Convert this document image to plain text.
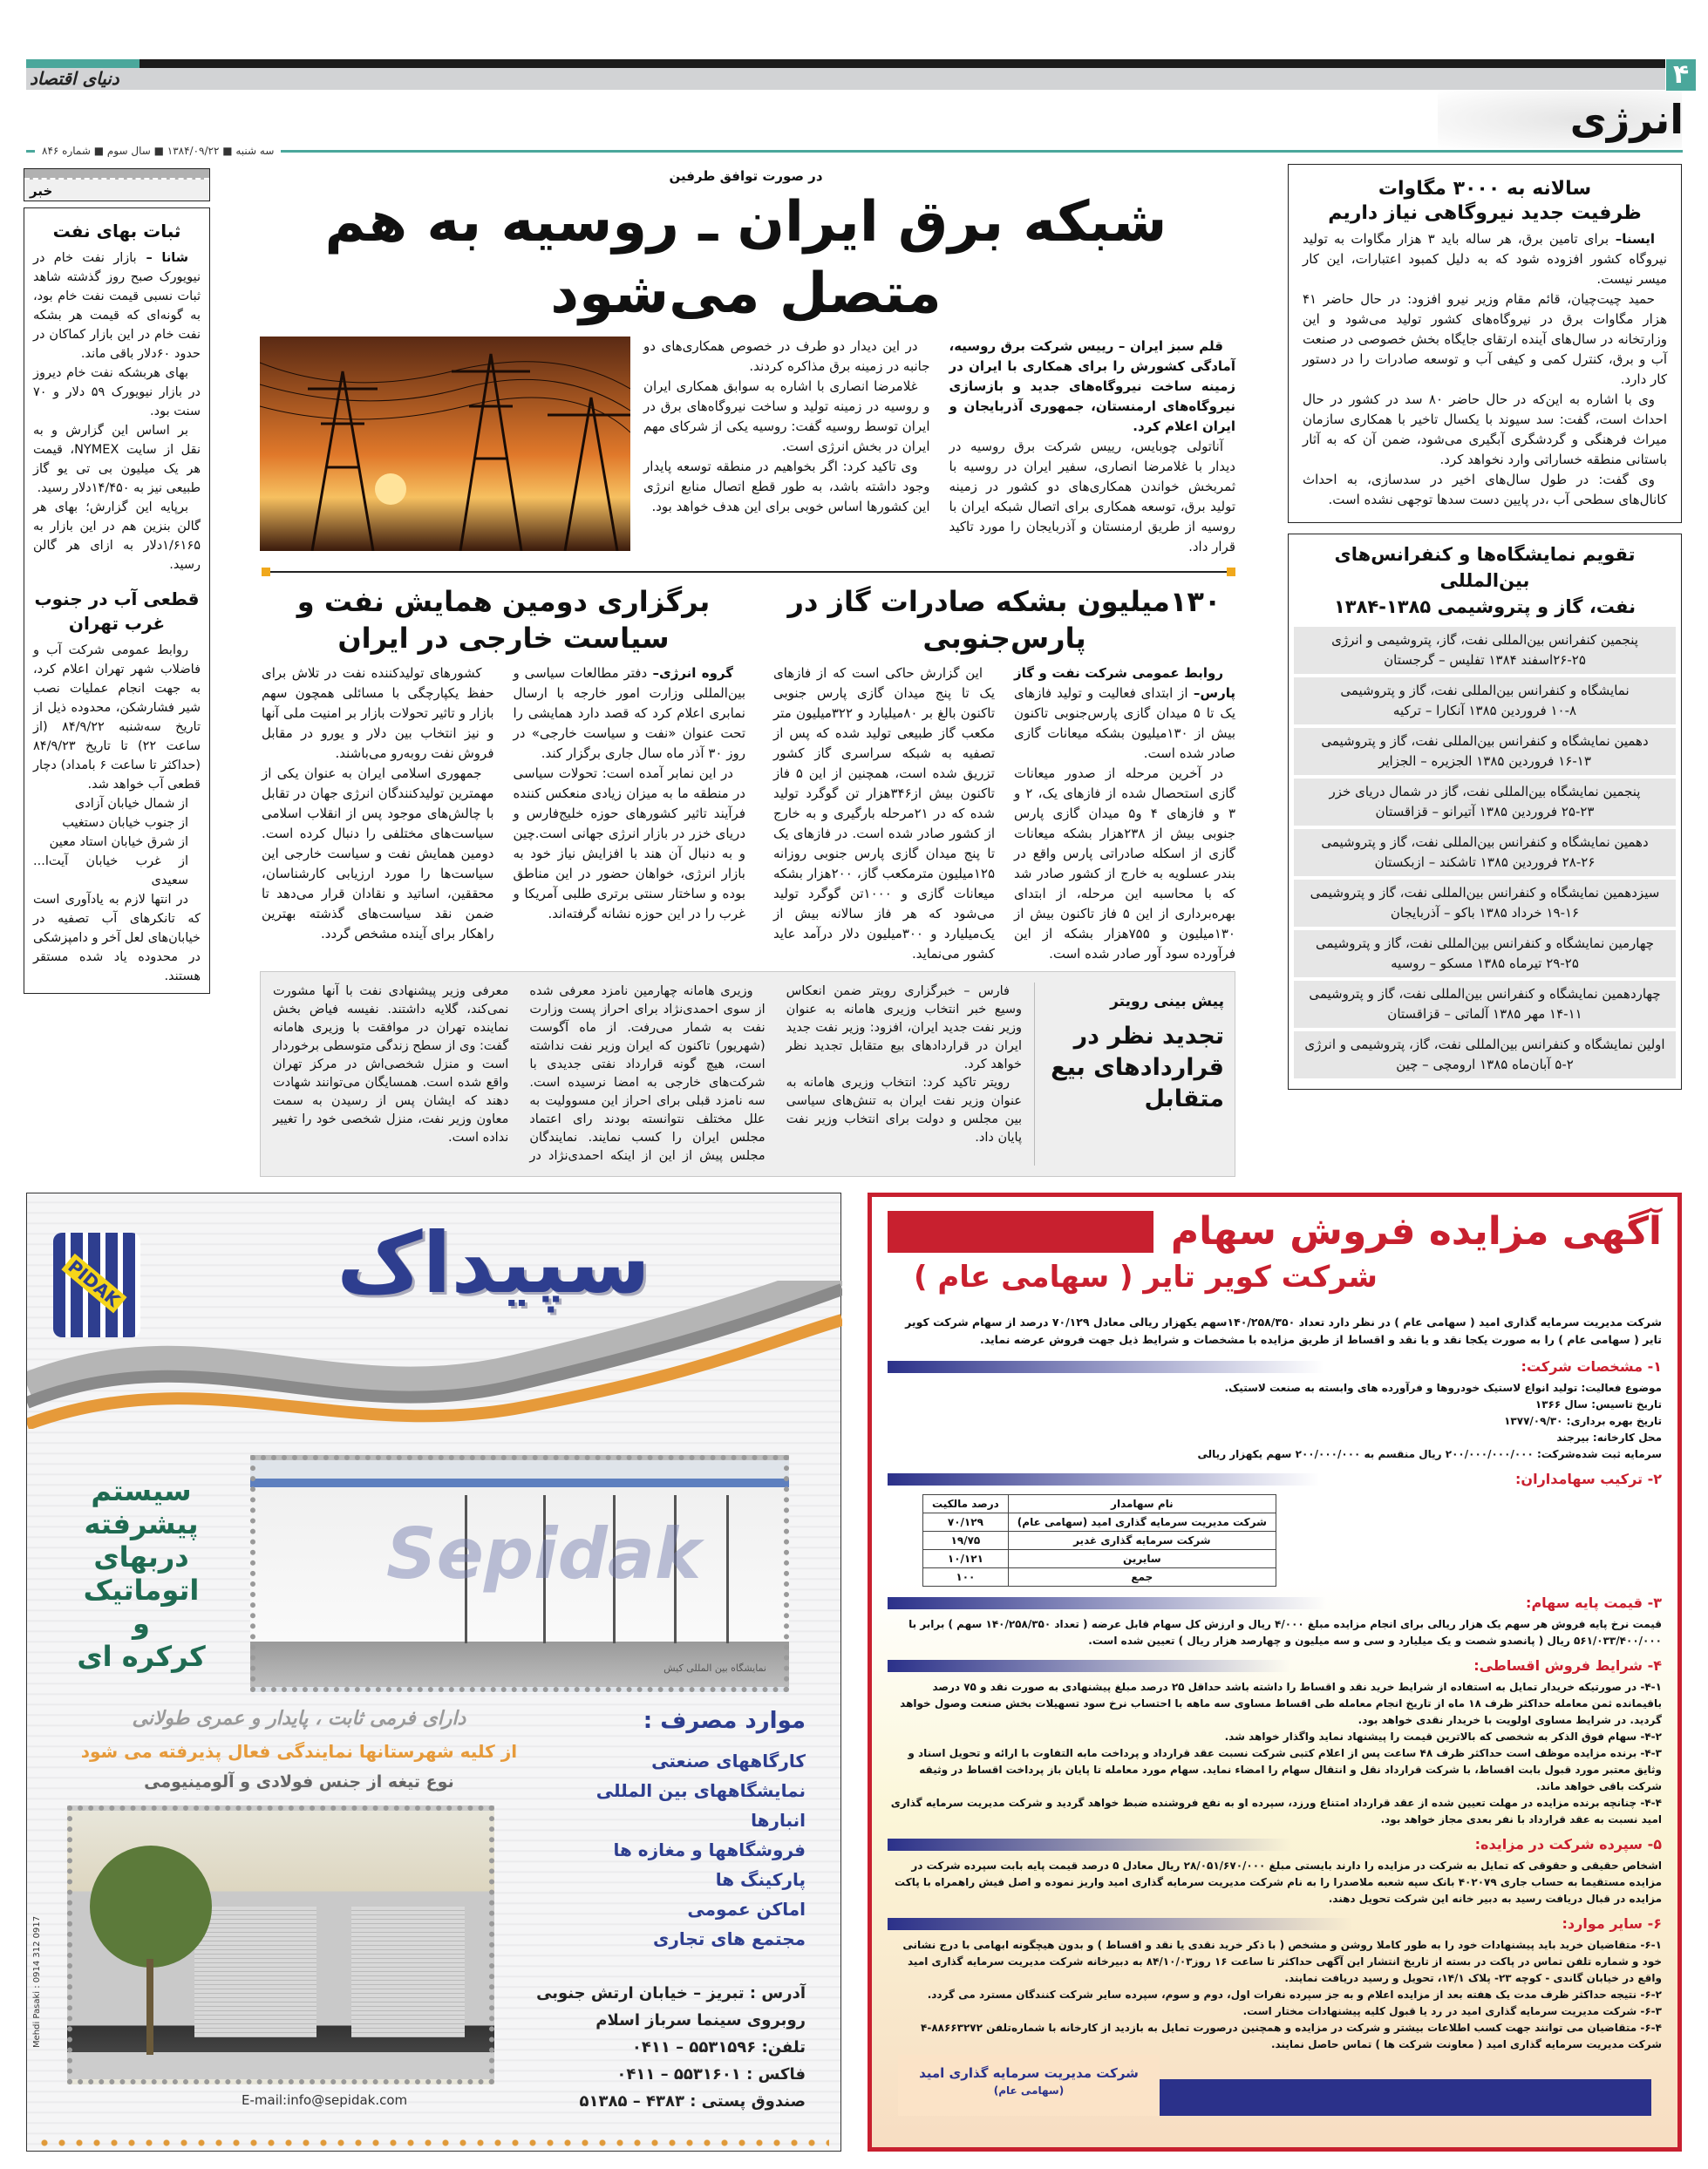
دنیای اقتصاد	۴
انرژی
سه شنبه ■ ۱۳۸۴/۰۹/۲۲ ■ سال سوم ■ شماره ۸۴۶
خبر
ثبات بهای نفت

شانا – بازار نفت خام در نیویورک صبح روز گذشته شاهد ثبات نسبی قیمت نفت خام بود، به گونه‌ای که قیمت هر بشکه نفت خام در این بازار کماکان در حدود ۶۰دلار باقی ماند.

بهای هربشکه نفت خام دیروز در بازار نیویورک ۵۹ دلار و ۷۰ سنت بود.

بر اساس این گزارش و به نقل از سایت NYMEX، قیمت هر یک میلیون بی تی یو گاز طبیعی نیز به ۱۴/۴۵۰دلار رسید.

برپایه این گزارش؛ بهای هر گالن بنزین هم در این بازار به ۱/۶۱۶۵دلار به ازای هر گالن رسید.

قطعی آب در جنوب غرب تهران

روابط عمومی شرکت آب و فاضلاب شهر تهران اعلام کرد، به جهت انجام عملیات نصب شیر فشارشکن، محدوده ذیل از تاریخ سه‌شنبه ۸۴/۹/۲۲ (از ساعت ۲۲) تا تاریخ ۸۴/۹/۲۳ (حداکثر تا ساعت ۶ بامداد) دچار قطعی آب خواهد شد.

از شمال خیابان آزادی

از جنوب خیابان دستغیب

از شرق خیابان استاد معین

از غرب خیابان آیت‌ا... سعیدی

در انتها لازم به یادآوری است که تانکرهای آب تصفیه در خیابان‌های لعل آخر و دامپزشکی در محدوده یاد شده مستقر هستند.

در صورت توافق طرفین
شبکه برق ایران ـ روسیه به هم متصل می‌شود

قلم سبز ایران – رییس شرکت برق روسیه، آمادگی کشورش را برای همکاری با ایران در زمینه ساخت نیروگاه‌های جدید و بازسازی نیروگاه‌های ارمنستان، جمهوری آذربایجان و ایران اعلام کرد.

آناتولی چوبایس، رییس شرکت برق روسیه در دیدار با غلامرضا انصاری، سفیر ایران در روسیه با ثمربخش خواندن همکاری‌های دو کشور در زمینه تولید برق، توسعه همکاری برای اتصال شبکه ایران با روسیه از طریق ارمنستان و آذربایجان را مورد تاکید قرار داد.

در این دیدار دو طرف در خصوص همکاری‌های دو جانبه در زمینه برق مذاکره کردند.

غلامرضا انصاری با اشاره به سوابق همکاری ایران و روسیه در زمینه تولید و ساخت نیروگاه‌های برق در ایران توسط روسیه گفت: روسیه یکی از شرکای مهم ایران در بخش انرژی است.

وی تاکید کرد: اگر بخواهیم در منطقه توسعه پایدار وجود داشته باشد، به طور قطع اتصال منابع انرژی این کشورها اساس خوبی برای این هدف خواهد بود.

برگزاری دومین همایش نفت و سیاست خارجی در ایران

گروه انرژی– دفتر مطالعات سیاسی و بین‌المللی وزارت امور خارجه با ارسال نمابری اعلام کرد که قصد دارد همایشی را تحت عنوان «نفت و سیاست خارجی» در روز ۳۰ آذر ماه سال جاری برگزار کند.

در این نمابر آمده است: تحولات سیاسی در منطقه ما به میزان زیادی منعکس کننده فرآیند تاثیر کشورهای حوزه خلیج‌فارس و دریای خزر در بازار انرژی جهانی است.چین و به دنبال آن هند با افزایش نیاز خود به بازار انرژی، خواهان حضور در این مناطق بوده و ساختار سنتی برتری طلبی آمریکا و غرب را در این حوزه نشانه گرفته‌اند.

کشورهای تولیدکننده نفت در تلاش برای حفظ یکپارچگی با مسائلی همچون سهم بازار و تاثیر تحولات بازار بر امنیت ملی آنها و نیز انتخاب بین دلار و یورو در مقابل فروش نفت روبه‌رو می‌باشند.

جمهوری اسلامی ایران به عنوان یکی از مهمترین تولیدکنندگان انرژی جهان در تقابل با چالش‌های موجود پس از انقلاب اسلامی سیاست‌های مختلفی را دنبال کرده است. دومین همایش نفت و سیاست خارجی این سیاست‌ها را مورد ارزیابی کارشناسان، محققین، اساتید و نقادان قرار می‌دهد تا ضمن نقد سیاست‌های گذشته بهترین راهکار برای آینده مشخص گردد.

۱۳۰میلیون بشکه صادرات گاز در پارس‌جنوبی

روابط عمومی شرکت نفت و گاز پارس– از ابتدای فعالیت و تولید فازهای یک تا ۵ میدان گازی پارس‌جنوبی تاکنون بیش از ۱۳۰میلیون بشکه میعانات گازی صادر شده است.

در آخرین مرحله از صدور میعانات گازی استحصال شده از فازهای یک، ۲ و ۳ و فازهای ۴ و۵ میدان گازی پارس جنوبی بیش از ۲۳۸هزار بشکه میعانات گازی از اسکله صادراتی پارس واقع در بندر عسلویه به خارج از کشور صادر شد که با محاسبه این مرحله، از ابتدای بهره‌برداری از این ۵ فاز تاکنون بیش از ۱۳۰میلیون و ۷۵۵هزار بشکه از این فرآورده سود آور صادر شده است.

این گزارش حاکی است که از فازهای یک تا پنج میدان گازی پارس جنوبی تاکنون بالغ بر ۸۰میلیارد و ۳۲۲میلیون متر مکعب گاز طبیعی تولید شده که پس از تصفیه به شبکه سراسری گاز کشور تزریق شده است، همچنین از این ۵ فاز تاکنون بیش از۳۴۶هزار تن گوگرد تولید شده که در ۲۱مرحله بارگیری و به خارج از کشور صادر شده است. در فازهای یک تا پنج میدان گازی پارس جنوبی روزانه ۱۲۵میلیون مترمکعب گاز، ۲۰۰هزار بشکه میعانات گازی و ۱۰۰۰تن گوگرد تولید می‌شود که هر فاز سالانه بیش از یک‌میلیارد و ۳۰۰میلیون دلار درآمد عاید کشور می‌نماید.

پیش بینی رویتر
تجدید نظر در قراردادهای بیع متقابل

فارس – خبرگزاری رویتر ضمن انعکاس وسیع خبر انتخاب وزیری هامانه به عنوان وزیر نفت جدید ایران، افزود: وزیر نفت جدید ایران در قراردادهای بیع متقابل تجدید نظر خواهد کرد.

رویتر تاکید کرد: انتخاب وزیری هامانه به عنوان وزیر نفت ایران به تنش‌های سیاسی بین مجلس و دولت برای انتخاب وزیر نفت پایان داد.

وزیری هامانه چهارمین نامزد معرفی شده از سوی احمدی‌نژاد برای احراز پست وزارت نفت به شمار می‌رفت. از ماه آگوست (شهریور) تاکنون که ایران وزیر نفت نداشته است، هیچ گونه قرارداد نفتی جدیدی با شرکت‌های خارجی به امضا نرسیده است. سه نامزد قبلی برای احراز این مسوولیت به علل مختلف نتوانسته بودند رای اعتماد مجلس ایران را کسب نمایند. نمایندگان مجلس پیش از این از اینکه احمدی‌نژاد در معرفی وزیر پیشنهادی نفت با آنها مشورت نمی‌کند، گلایه داشتند. نفیسه فیاض بخش نماینده تهران در موافقت با وزیری هامانه گفت: وی از سطح زندگی متوسطی برخوردار است و منزل شخصی‌اش در مرکز تهران واقع شده است. همسایگان می‌توانند شهادت دهند که ایشان پس از رسیدن به سمت معاون وزیر نفت، منزل شخصی خود را تغییر نداده است.

سالانه به ۳۰۰۰ مگاوات
ظرفیت جدید نیروگاهی نیاز داریم

ایسنا– برای تامین برق، هر ساله باید ۳ هزار مگاوات به تولید نیروگاه کشور افزوده شود که به دلیل کمبود اعتبارات، این کار میسر نیست.

حمید چیت‌چیان، قائم مقام وزیر نیرو افزود: در حال حاضر ۴۱ هزار مگاوات برق در نیروگاه‌های کشور تولید می‌شود و این وزارتخانه در سال‌های آینده ارتقای جایگاه بخش خصوصی در صنعت آب و برق، کنترل کمی و کیفی آب و توسعه صادرات را در دستور کار دارد.

وی با اشاره به این‌که در حال حاضر ۸۰ سد در کشور در حال احداث است، گفت: سد سیوند با یکسال تاخیر با همکاری سازمان میراث فرهنگی و گردشگری آبگیری می‌شود، ضمن آن که به آثار باستانی منطقه خساراتی وارد نخواهد کرد.

وی گفت: در طول سال‌های اخیر در سدسازی، به احداث کانال‌های سطحی آب ،در پایین دست سدها توجهی نشده است.

تقویم نمایشگاه‌ها و کنفرانس‌های بین‌المللی
نفت، گاز و پتروشیمی ۱۳۸۵-۱۳۸۴
پنجمین کنفرانس بین‌المللی نفت، گاز، پتروشیمی و انرژی
۲۶-۲۵اسفند ۱۳۸۴ تفلیس – گرجستان
نمایشگاه و کنفرانس بین‌المللی نفت، گاز و پتروشیمی
۱۰-۸ فروردین ۱۳۸۵ آنکارا – ترکیه
دهمین نمایشگاه و کنفرانس بین‌المللی نفت، گاز و پتروشیمی
۱۶-۱۳ فروردین ۱۳۸۵ الجزیره – الجزایر
پنجمین نمایشگاه بین‌المللی نفت، گاز در شمال دریای خزر
۲۵-۲۳ فروردین ۱۳۸۵ آتیرانو – قزاقستان
دهمین نمایشگاه و کنفرانس بین‌المللی نفت، گاز و پتروشیمی
۲۸-۲۶ فروردین ۱۳۸۵ تاشکند – ازبکستان
سیزدهمین نمایشگاه و کنفرانس بین‌المللی نفت، گاز و پتروشیمی
۱۹-۱۶ خرداد ۱۳۸۵ باکو – آذربایجان
چهارمین نمایشگاه و کنفرانس بین‌المللی نفت، گاز و پتروشیمی
۲۹-۲۵ تیرماه ۱۳۸۵ مسکو – روسیه
چهاردهمین نمایشگاه و کنفرانس بین‌المللی نفت، گاز و پتروشیمی
۱۴-۱۱ مهر ۱۳۸۵ آلماتی – قزاقستان
اولین نمایشگاه و کنفرانس بین‌المللی نفت، گاز، پتروشیمی و انرژی
۵-۲ آبان‌ماه ۱۳۸۵ ارومچی – چین
PIDAK	سپیداک
سیستم
پیشرفته
دربهای
اتوماتیک
و
کرکره ای
Sepidak
نمایشگاه بین المللی کیش
دارای فرمی ثابت ، پایدار و عمری طولانی
از کلیه شهرستانها نمایندگی فعال پذیرفته می شود
نوع تیغه از جنس فولادی و آلومینیومی
E-mail:info@sepidak.com
موارد مصرف :
کارگاههای صنعتی
نمایشگاههای بین المللی
انبارها
فروشگاهها و مغازه ها
پارکینگ ها
اماکن عمومی
مجتمع های تجاری
آدرس : تبریز – خیابان ارتش جنوبی
روبروی سینما سرباز اسلام
تلفن: ۵۵۳۱۵۹۶ – ۰۴۱۱
فاکس : ۵۵۳۱۶۰۱ – ۰۴۱۱
صندوق پستی : ۴۳۸۳ – ۵۱۳۸۵
Mehdi Pasaki : 0914 312 0917
آگهی مزایده فروش سهام
شرکت کویر تایر ( سهامی عام )
شرکت مدیریت سرمایه گذاری امید ( سهامی عام ) در نظر دارد تعداد ۱۴۰/۲۵۸/۳۵۰سهم یکهزار ریالی معادل ۷۰/۱۲۹ درصد از سهام شرکت کویر تایر ( سهامی عام ) را به صورت یکجا نقد و یا نقد و اقساط از طریق مزایده با مشخصات و شرایط ذیل جهت فروش عرضه نماید.
۱- مشخصات شرکت:
موضوع فعالیت: تولید انواع لاستیک خودروها و فرآورده های وابسته به صنعت لاستیک.
تاریخ تاسیس: سال ۱۳۶۶
تاریخ بهره برداری: ۱۳۷۷/۰۹/۳۰
محل کارخانه: بیرجند
سرمایه ثبت شده‌شرکت: ۲۰۰/۰۰۰/۰۰۰/۰۰۰ ریال منقسم به ۲۰۰/۰۰۰/۰۰۰ سهم یکهزار ریالی
۲- ترکیب سهامداران:
نام سهامدار	درصد مالکیت
شرکت مدیریت سرمایه گذاری امید (سهامی عام)	۷۰/۱۲۹
شرکت سرمایه گذاری غدیر	۱۹/۷۵
سایرین	۱۰/۱۲۱
جمع	۱۰۰
۳- قیمت پایه سهام:
قیمت نرخ پایه فروش هر سهم یک هزار ریالی برای انجام مزایده مبلغ ۴/۰۰۰ ریال و ارزش کل سهام قابل عرضه ( تعداد ۱۴۰/۲۵۸/۳۵۰ سهم ) برابر با ۵۶۱/۰۳۳/۴۰۰/۰۰۰ ریال ( پانصدو شصت و یک میلیارد و سی و سه میلیون و چهارصد هزار ریال ) تعیین شده است.
۴- شرایط فروش اقساطی:
۴-۱- در صورتیکه خریدار تمایل به استفاده از شرایط خرید نقد و اقساط را داشته باشد حداقل ۲۵ درصد مبلغ پیشنهادی به صورت نقد و ۷۵ درصد باقیمانده ثمن معامله حداکثر ظرف ۱۸ ماه از تاریخ انجام معامله طی اقساط مساوی سه ماهه با احتساب نرخ سود تسهیلات بخش صنعت وصول خواهد گردید. در شرایط مساوی اولویت با خریدار نقدی خواهد بود.
۴-۲- سهام فوق الذکر به شخصی که بالاترین قیمت را پیشنهاد نماید واگذار خواهد شد.
۴-۳- برنده مزایده موظف است حداکثر ظرف ۴۸ ساعت پس از اعلام کتبی شرکت نسبت عقد قرارداد و پرداخت مابه التفاوت با ارائه و تحویل اسناد و وثایق معتبر مورد قبول بابت اقساط، با شرکت قرارداد نقل و انتقال سهام را امضاء نماید. سهام مورد معامله تا پایان باز پرداخت اقساط در وثیقه شرکت باقی خواهد ماند.
۴-۴- چنانچه برنده مزایده در مهلت تعیین شده از عقد قرارداد امتناع ورزد، سپرده او به نفع فروشنده ضبط خواهد گردید و شرکت مدیریت سرمایه گذاری امید نسبت به عقد قرارداد با نفر بعدی مجاز خواهد بود.
۵- سپرده شرکت در مزایده:
اشخاص حقیقی و حقوقی که تمایل به شرکت در مزایده را دارند بایستی مبلغ ۲۸/۰۵۱/۶۷۰/۰۰۰ ریال معادل ۵ درصد قیمت پایه بابت سپرده شرکت در مزایده مستقیما به حساب جاری ۴۰۲۰۷۹ بانک سپه شعبه ملاصدرا را به نام شرکت مدیریت سرمایه گذاری امید واریز نموده و اصل فیش راهمراه با پاکت مزایده در قبال دریافت رسید به دبیر خانه این شرکت تحویل دهند.
۶- سایر موارد:
۶-۱- متقاضیان خرید باید پیشنهادات خود را به طور کاملا روشن و مشخص ( با ذکر خرید نقدی یا نقد و اقساط ) و بدون هیچگونه ابهامی با درج نشانی خود و شماره تلفن تماس در پاکت در بسته از تاریخ انتشار این آگهی حداکثر تا ساعت ۱۶ روز۸۴/۱۰/۰۳ به دبیرخانه شرکت مدیریت سرمایه گذاری امید واقع در خیابان گاندی - کوچه ۲۳- پلاک ۱۴/۱، تحویل و رسید دریافت نمایند.
۶-۲- نتیجه حداکثر ظرف مدت یک هفته بعد از مزایده اعلام و به جز سپرده نفرات اول، دوم و سوم، سپرده سایر شرکت کنندگان مسترد می گردد.
۶-۳- شرکت مدیریت سرمایه گذاری امید در رد یا قبول کلیه پیشنهادات مختار است.
۶-۴- متقاضیان می توانند جهت کسب اطلاعات بیشتر و شرکت در مزایده و همچنین درصورت تمایل به بازدید از کارخانه با شماره‌تلفن ۸۸۶۶۳۲۷۲-۴ شرکت مدیریت سرمایه گذاری امید ( معاونت شرکت ها ) تماس حاصل نمایند.
شرکت مدیریت سرمایه گذاری امید
(سهامی عام)
